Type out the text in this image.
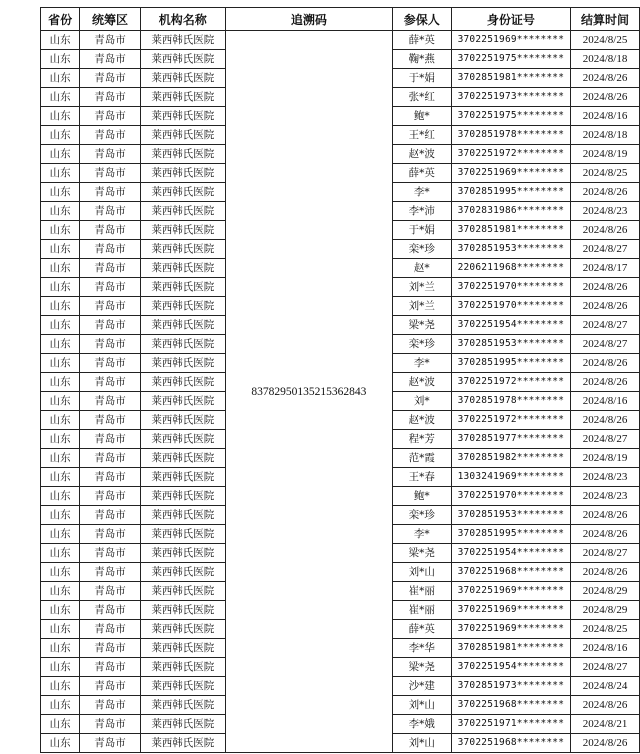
省份	统筹区	机构名称	追溯码	参保人	身份证号	结算时间
山东	青岛市	莱西韩氏医院	83782950135215362843	薛*英	3702251969********	2024/8/25
山东	青岛市	莱西韩氏医院		鞠*燕	3702251975********	2024/8/18
山东	青岛市	莱西韩氏医院		于*娟	3702851981********	2024/8/26
山东	青岛市	莱西韩氏医院		张*红	3702251973********	2024/8/26
山东	青岛市	莱西韩氏医院		鲍*	3702251975********	2024/8/16
山东	青岛市	莱西韩氏医院		王*红	3702851978********	2024/8/18
山东	青岛市	莱西韩氏医院		赵*波	3702251972********	2024/8/19
山东	青岛市	莱西韩氏医院		薛*英	3702251969********	2024/8/25
山东	青岛市	莱西韩氏医院		李*	3702851995********	2024/8/26
山东	青岛市	莱西韩氏医院		李*沛	3702831986********	2024/8/23
山东	青岛市	莱西韩氏医院		于*娟	3702851981********	2024/8/26
山东	青岛市	莱西韩氏医院		栾*珍	3702851953********	2024/8/27
山东	青岛市	莱西韩氏医院		赵*	2206211968********	2024/8/17
山东	青岛市	莱西韩氏医院		刘*兰	3702251970********	2024/8/26
山东	青岛市	莱西韩氏医院		刘*兰	3702251970********	2024/8/26
山东	青岛市	莱西韩氏医院		梁*尧	3702251954********	2024/8/27
山东	青岛市	莱西韩氏医院		栾*珍	3702851953********	2024/8/27
山东	青岛市	莱西韩氏医院		李*	3702851995********	2024/8/26
山东	青岛市	莱西韩氏医院		赵*波	3702251972********	2024/8/26
山东	青岛市	莱西韩氏医院		刘*	3702851978********	2024/8/16
山东	青岛市	莱西韩氏医院		赵*波	3702251972********	2024/8/26
山东	青岛市	莱西韩氏医院		程*芳	3702851977********	2024/8/27
山东	青岛市	莱西韩氏医院		范*霞	3702851982********	2024/8/19
山东	青岛市	莱西韩氏医院		王*春	1303241969********	2024/8/23
山东	青岛市	莱西韩氏医院		鲍*	3702251970********	2024/8/23
山东	青岛市	莱西韩氏医院		栾*珍	3702851953********	2024/8/26
山东	青岛市	莱西韩氏医院		李*	3702851995********	2024/8/26
山东	青岛市	莱西韩氏医院		梁*尧	3702251954********	2024/8/27
山东	青岛市	莱西韩氏医院		刘*山	3702251968********	2024/8/26
山东	青岛市	莱西韩氏医院		崔*丽	3702251969********	2024/8/29
山东	青岛市	莱西韩氏医院		崔*丽	3702251969********	2024/8/29
山东	青岛市	莱西韩氏医院		薛*英	3702251969********	2024/8/25
山东	青岛市	莱西韩氏医院		李*华	3702851981********	2024/8/16
山东	青岛市	莱西韩氏医院		梁*尧	3702251954********	2024/8/27
山东	青岛市	莱西韩氏医院		沙*建	3702851973********	2024/8/24
山东	青岛市	莱西韩氏医院		刘*山	3702251968********	2024/8/26
山东	青岛市	莱西韩氏医院		李*娥	3702251971********	2024/8/21
山东	青岛市	莱西韩氏医院		刘*山	3702251968********	2024/8/26
